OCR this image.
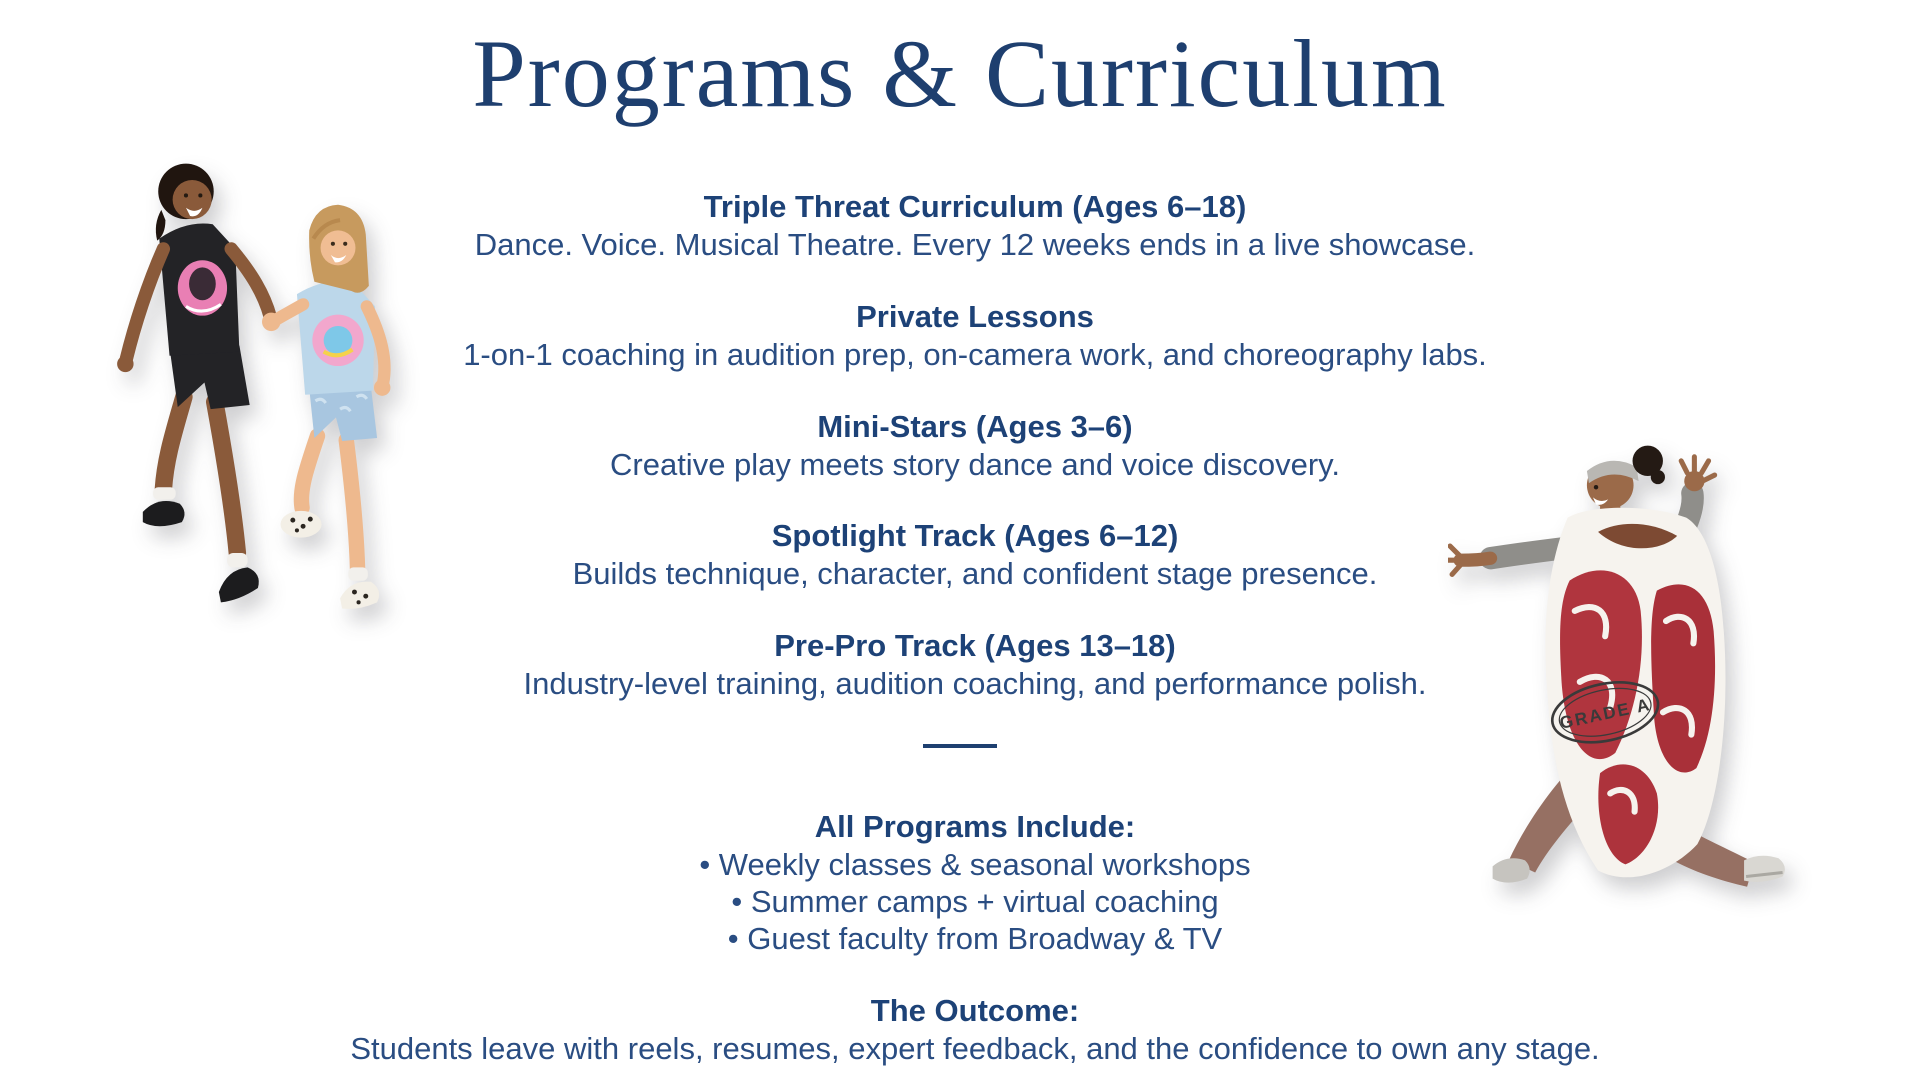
Programs & Curriculum
GRADE A
Triple Threat Curriculum (Ages 6–18)
Dance. Voice. Musical Theatre. Every 12 weeks ends in a live showcase.
Private Lessons
1-on-1 coaching in audition prep, on-camera work, and choreography labs.
Mini-Stars (Ages 3–6)
Creative play meets story dance and voice discovery.
Spotlight Track (Ages 6–12)
Builds technique, character, and confident stage presence.
Pre-Pro Track (Ages 13–18)
Industry-level training, audition coaching, and performance polish.
All Programs Include:
• Weekly classes & seasonal workshops
• Summer camps + virtual coaching
• Guest faculty from Broadway & TV
The Outcome:
Students leave with reels, resumes, expert feedback, and the confidence to own any stage.
